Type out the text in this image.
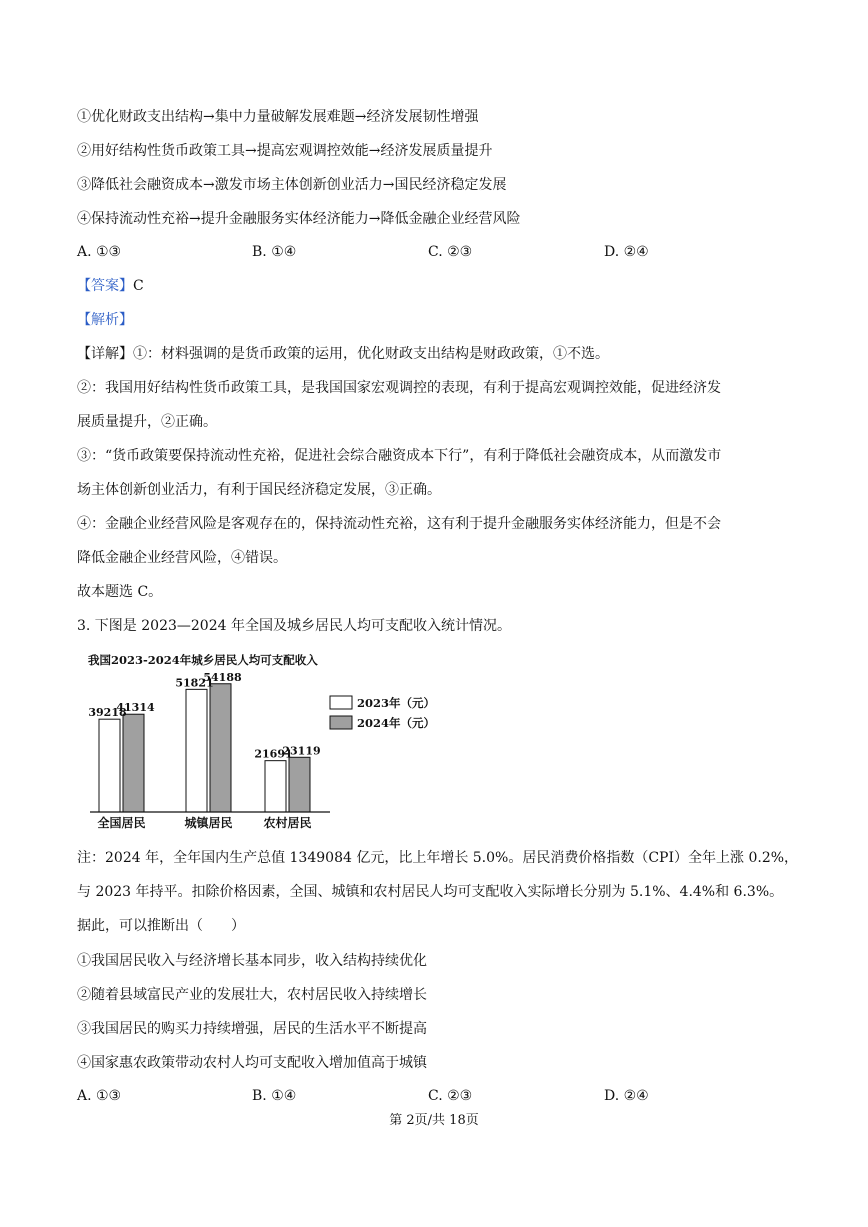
①优化财政支出结构→集中力量破解发展难题→经济发展韧性增强
②用好结构性货币政策工具→提高宏观调控效能→经济发展质量提升
③降低社会融资成本→激发市场主体创新创业活力→国民经济稳定发展
④保持流动性充裕→提升金融服务实体经济能力→降低金融企业经营风险
A. ①③	B. ①④	C. ②③	D. ②④
【答案】C
【解析】
【详解】①：材料强调的是货币政策的运用，优化财政支出结构是财政政策，①不选。
②：我国用好结构性货币政策工具，是我国国家宏观调控的表现，有利于提高宏观调控效能，促进经济发
展质量提升，②正确。
③：“货币政策要保持流动性充裕，促进社会综合融资成本下行”，有利于降低社会融资成本，从而激发市
场主体创新创业活力，有利于国民经济稳定发展，③正确。
④：金融企业经营风险是客观存在的，保持流动性充裕，这有利于提升金融服务实体经济能力，但是不会
降低金融企业经营风险，④错误。
故本题选 C。
3. 下图是 2023—2024 年全国及城乡居民人均可支配收入统计情况。
我国2023-2024年城乡居民人均可支配收入
39218
41314
全国居民
51821
54188
城镇居民
21691
23119
农村居民
2023年（元）
2024年（元）
注：2024 年，全年国内生产总值 1349084 亿元，比上年增长 5.0%。居民消费价格指数（CPI）全年上涨 0.2%，
与 2023 年持平。扣除价格因素，全国、城镇和农村居民人均可支配收入实际增长分别为 5.1%、4.4%和 6.3%。
据此，可以推断出（　　）
①我国居民收入与经济增长基本同步，收入结构持续优化
②随着县域富民产业的发展壮大，农村居民收入持续增长
③我国居民的购买力持续增强，居民的生活水平不断提高
④国家惠农政策带动农村人均可支配收入增加值高于城镇
A. ①③	B. ①④	C. ②③	D. ②④
第 2页/共 18页
